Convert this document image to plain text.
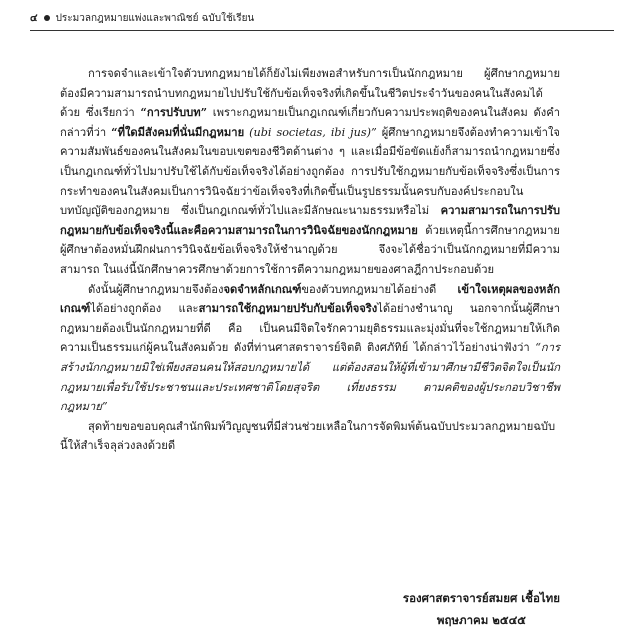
๔ ประมวลกฎหมายแพ่งและพาณิชย์ ฉบับใช้เรียน

การจดจำและเข้าใจตัวบทกฎหมายได้ก็ยังไม่เพียงพอสำหรับการเป็นนักกฎหมาย ผู้ศึกษากฎหมายต้องมีความสามารถนำบทกฎหมายไปปรับใช้กับข้อเท็จจริงที่เกิดขึ้นในชีวิตประจำวันของคนในสังคมได้ด้วย ซึ่งเรียกว่า “การปรับบท” เพราะกฎหมายเป็นกฎเกณฑ์เกี่ยวกับความประพฤติของคนในสังคม ดังคำกล่าวที่ว่า “ที่ใดมีสังคมที่นั่นมีกฎหมาย (ubi societas, ibi jus)” ผู้ศึกษากฎหมายจึงต้องทำความเข้าใจความสัมพันธ์ของคนในสังคมในขอบเขตของชีวิตด้านต่าง ๆ และเมื่อมีข้อขัดแย้งก็สามารถนำกฎหมายซึ่งเป็นกฎเกณฑ์ทั่วไปมาปรับใช้ได้กับข้อเท็จจริงได้อย่างถูกต้อง การปรับใช้กฎหมายกับข้อเท็จจริงซึ่งเป็นการกระทำของคนในสังคมเป็นการวินิจฉัยว่าข้อเท็จจริงที่เกิดขึ้นเป็นรูปธรรมนั้นครบกับองค์ประกอบในบทบัญญัติของกฎหมาย ซึ่งเป็นกฎเกณฑ์ทั่วไปและมีลักษณะนามธรรมหรือไม่ ความสามารถในการปรับกฎหมายกับข้อเท็จจริงนี้และคือความสามารถในการวินิจฉัยของนักกฎหมาย ด้วยเหตุนี้การศึกษากฎหมายผู้ศึกษาต้องหมั่นฝึกฝนการวินิจฉัยข้อเท็จจริงให้ชำนาญด้วย จึงจะได้ชื่อว่าเป็นนักกฎหมายที่มีความสามารถ ในแง่นี้นักศึกษาควรศึกษาด้วยการใช้การตีความกฎหมายของศาลฎีกาประกอบด้วย

ดังนั้นผู้ศึกษากฎหมายจึงต้องจดจำหลักเกณฑ์ของตัวบทกฎหมายได้อย่างดี เข้าใจเหตุผลของหลักเกณฑ์ได้อย่างถูกต้อง และสามารถใช้กฎหมายปรับกับข้อเท็จจริงได้อย่างชำนาญ นอกจากนั้นผู้ศึกษากฎหมายต้องเป็นนักกฎหมายที่ดี คือ เป็นคนมีจิตใจรักความยุติธรรมและมุ่งมั่นที่จะใช้กฎหมายให้เกิดความเป็นธรรมแก่ผู้คนในสังคมด้วย ดังที่ท่านศาสตราจารย์จิตติ ติงศภัทิย์ ได้กล่าวไว้อย่างน่าฟังว่า “การสร้างนักกฎหมายมิใช่เพียงสอนคนให้สอบกฎหมายได้ แต่ต้องสอนให้ผู้ที่เข้ามาศึกษามีชีวิตจิตใจเป็นนักกฎหมายเพื่อรับใช้ประชาชนและประเทศชาติโดยสุจริต เที่ยงธรรม ตามคติของผู้ประกอบวิชาชีพกฎหมาย”

สุดท้ายขอขอบคุณสำนักพิมพ์วิญญูชนที่มีส่วนช่วยเหลือในการจัดพิมพ์ต้นฉบับประมวลกฎหมายฉบับนี้ให้สำเร็จลุล่วงลงด้วยดี

รองศาสตราจารย์สมยศ เชื้อไทย
พฤษภาคม ๒๕๔๕
